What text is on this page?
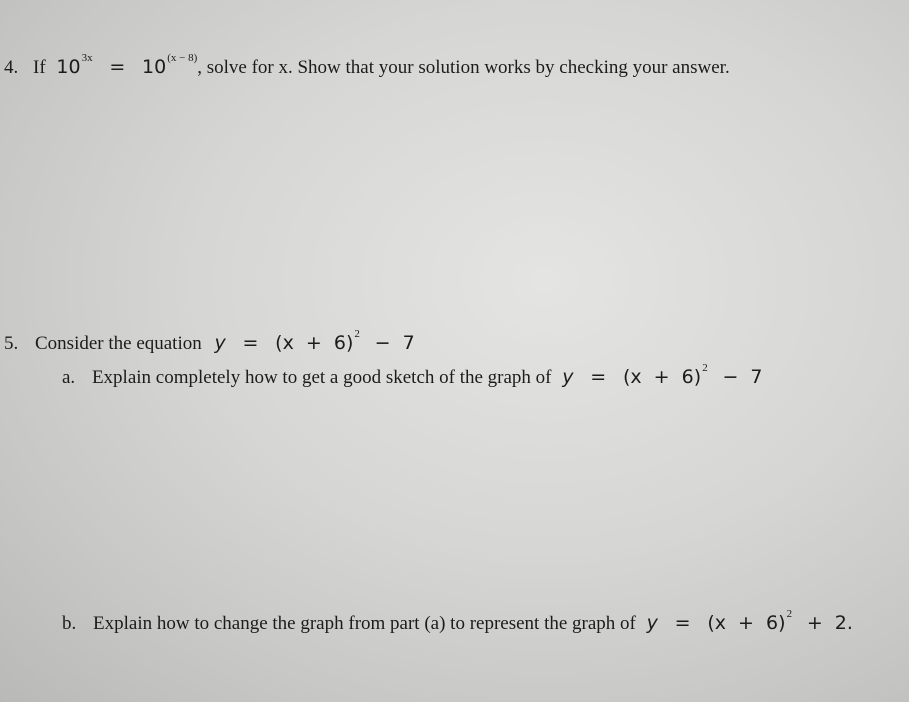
4. If $10^{3x} = 10^{(x - 8)}$, solve for x. Show that your solution works by checking your answer.
5. Consider the equation $y = (x + 6)^2 - 7$
a. Explain completely how to get a good sketch of the graph of $y = (x + 6)^2 - 7$
b. Explain how to change the graph from part (a) to represent the graph of $y = (x + 6)^2 + 2$.
